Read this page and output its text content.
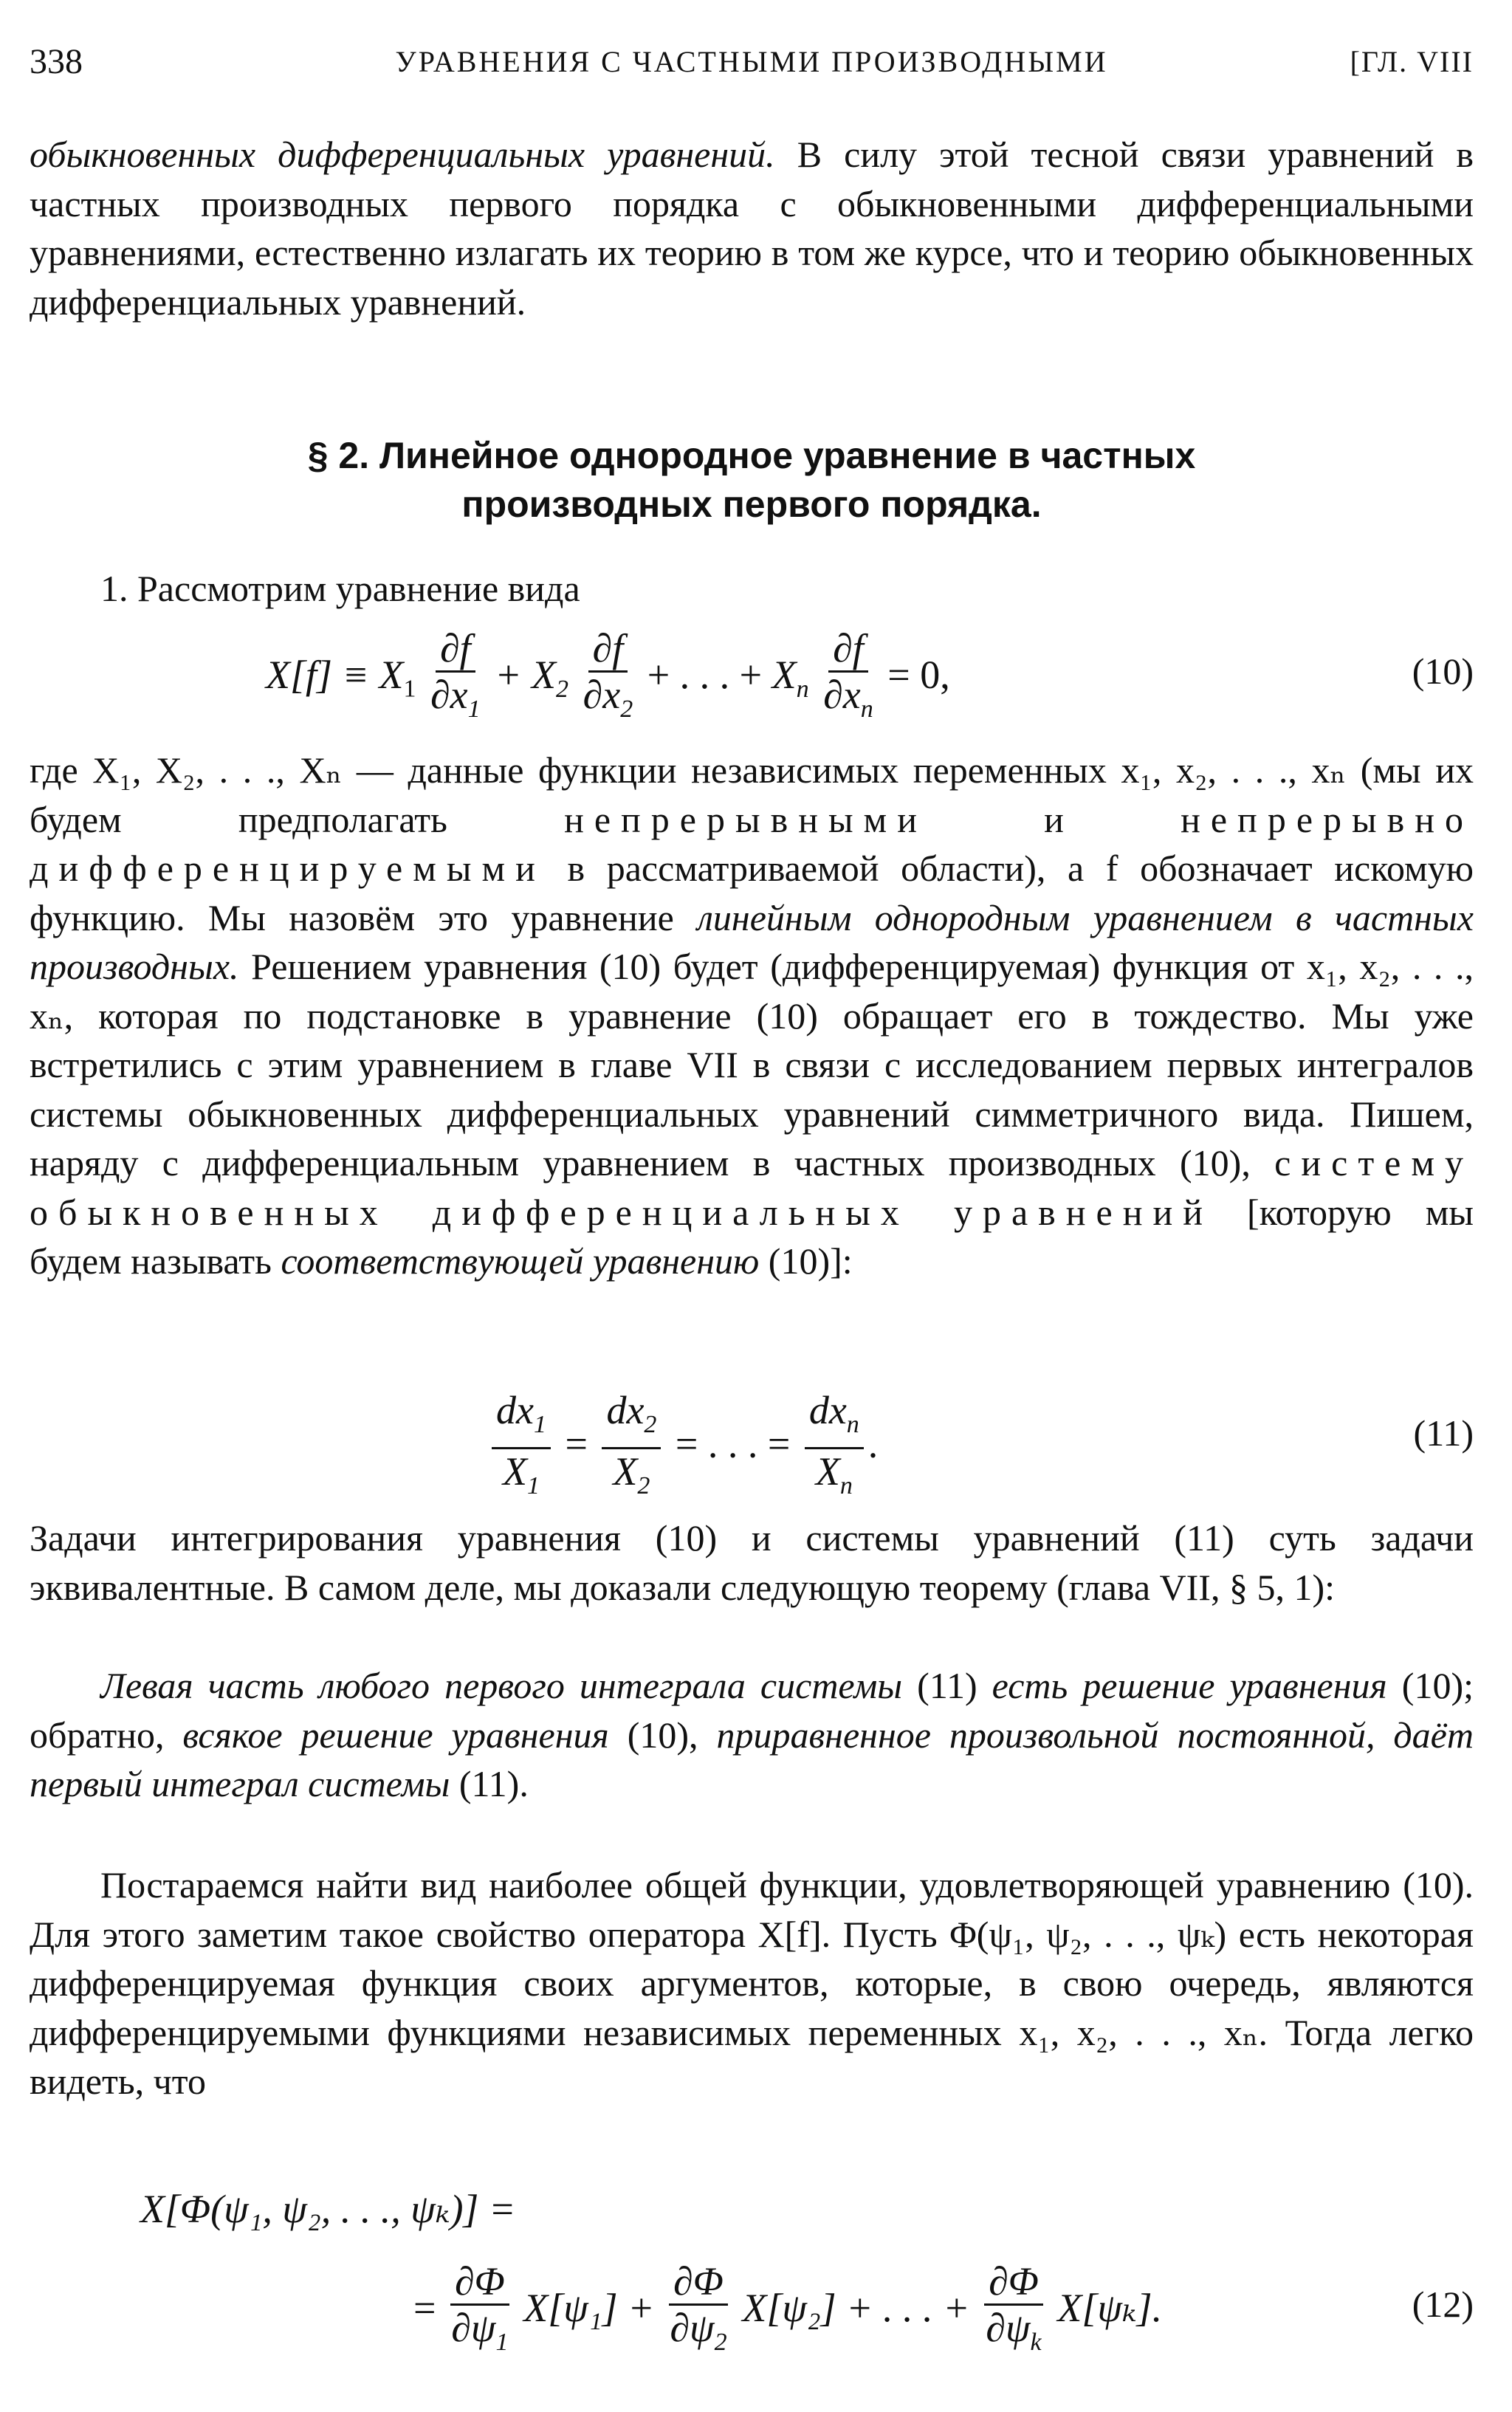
338	УРАВНЕНИЯ С ЧАСТНЫМИ ПРОИЗВОДНЫМИ	[ГЛ. VIII

обыкновенных дифференциальных уравнений. В силу этой тесной связи уравнений в частных производных первого порядка с обыкновенными дифференциальными уравнениями, естественно излагать их теорию в том же курсе, что и теорию обыкновенных дифференциальных уравнений.

§ 2. Линейное однородное уравнение в частных
производных первого порядка.

1. Рассмотрим уравнение вида

$X[f] \equiv X_1 \frac{\partial f}{\partial x_1} + X_2 \frac{\partial f}{\partial x_2}$ + . . . + $X_n \frac{\partial f}{\partial x_n} = 0$,	(10)

где X₁, X₂, . . ., Xₙ — данные функции независимых переменных x₁, x₂, . . ., xₙ (мы их будем предполагать непрерывными и непрерывно дифференцируемыми в рассматриваемой области), а f обозначает искомую функцию. Мы назовём это уравнение линейным однородным уравнением в частных производных. Решением уравнения (10) будет (дифференцируемая) функция от x₁, x₂, . . ., xₙ, которая по подстановке в уравнение (10) обращает его в тождество. Мы уже встретились с этим уравнением в главе VII в связи с исследованием первых интегралов системы обыкновенных дифференциальных уравнений симметричного вида. Пишем, наряду с дифференциальным уравнением в частных производных (10), систему обыкновенных дифференциальных уравнений [которую мы будем называть соответствующей уравнению (10)]:

$\frac{dx_1}{X_1} = \frac{dx_2}{X_2}$ = . . . = $\frac{dx_n}{X_n}$ .	(11)

Задачи интегрирования уравнения (10) и системы уравнений (11) суть задачи эквивалентные. В самом деле, мы доказали следующую теорему (глава VII, § 5, 1):

Левая часть любого первого интеграла системы (11) есть решение уравнения (10); обратно, всякое решение уравнения (10), приравненное произвольной постоянной, даёт первый интеграл системы (11).

Постараемся найти вид наиболее общей функции, удовлетворяющей уравнению (10). Для этого заметим такое свойство оператора X[f]. Пусть Φ(ψ₁, ψ₂, . . ., ψₖ) есть некоторая дифференцируемая функция своих аргументов, которые, в свою очередь, являются дифференцируемыми функциями независимых переменных x₁, x₂, . . ., xₙ. Тогда легко видеть, что

X[Φ(ψ₁, ψ₂, . . ., ψₖ)] =
= $\frac{\partial\Phi}{\partial\psi_1} X[\psi_1] + \frac{\partial\Phi}{\partial\psi_2} X[\psi_2]$ + . . . + $\frac{\partial\Phi}{\partial\psi_k} X[\psi_k]$.	(12)
